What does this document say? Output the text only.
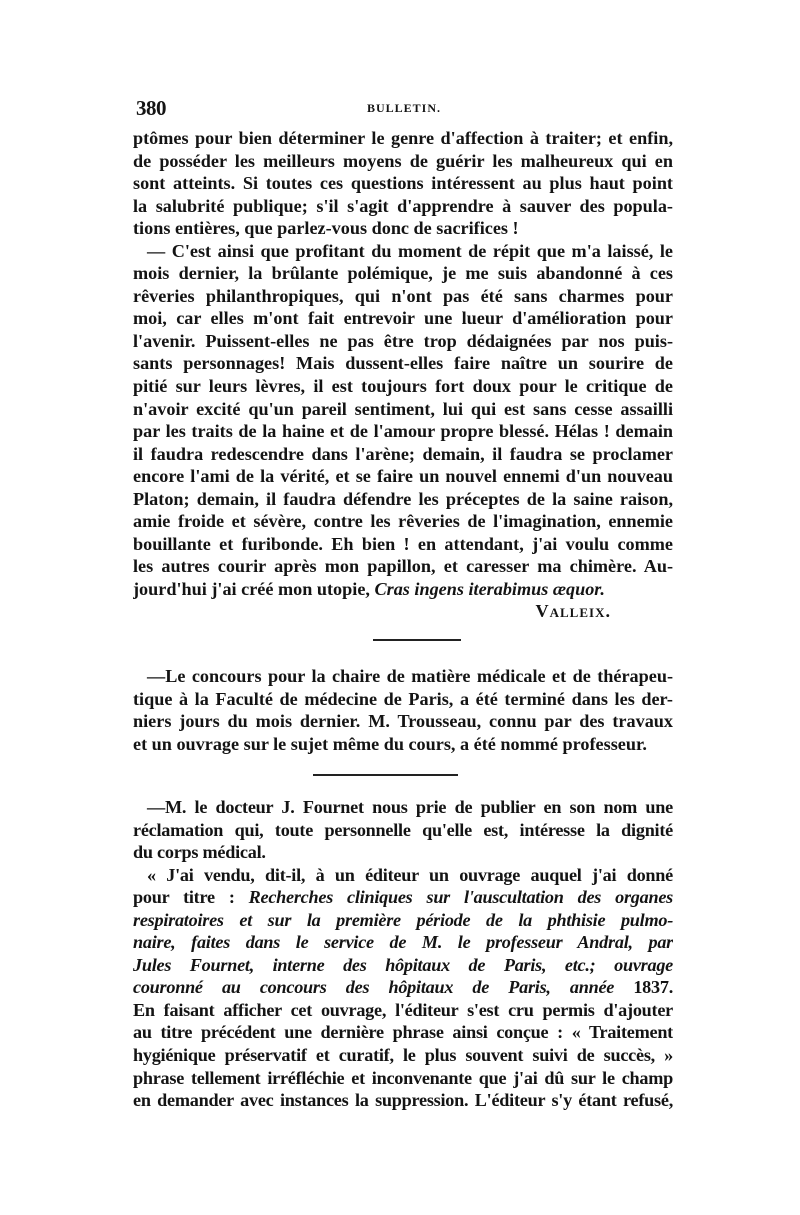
380	BULLETIN.
ptômes pour bien déterminer le genre d'affection à traiter; et enfin,
de posséder les meilleurs moyens de guérir les malheureux qui en
sont atteints. Si toutes ces questions intéressent au plus haut point
la salubrité publique; s'il s'agit d'apprendre à sauver des popula-
tions entières, que parlez-vous donc de sacrifices !
— C'est ainsi que profitant du moment de répit que m'a laissé, le
mois dernier, la brûlante polémique, je me suis abandonné à ces
rêveries philanthropiques, qui n'ont pas été sans charmes pour
moi, car elles m'ont fait entrevoir une lueur d'amélioration pour
l'avenir. Puissent-elles ne pas être trop dédaignées par nos puis-
sants personnages! Mais dussent-elles faire naître un sourire de
pitié sur leurs lèvres, il est toujours fort doux pour le critique de
n'avoir excité qu'un pareil sentiment, lui qui est sans cesse assailli
par les traits de la haine et de l'amour propre blessé. Hélas ! demain
il faudra redescendre dans l'arène; demain, il faudra se proclamer
encore l'ami de la vérité, et se faire un nouvel ennemi d'un nouveau
Platon; demain, il faudra défendre les préceptes de la saine raison,
amie froide et sévère, contre les rêveries de l'imagination, ennemie
bouillante et furibonde. Eh bien ! en attendant, j'ai voulu comme
les autres courir après mon papillon, et caresser ma chimère. Au-
jourd'hui j'ai créé mon utopie, Cras ingens iterabimus æquor.
Valleix.
—Le concours pour la chaire de matière médicale et de thérapeu-
tique à la Faculté de médecine de Paris, a été terminé dans les der-
niers jours du mois dernier. M. Trousseau, connu par des travaux
et un ouvrage sur le sujet même du cours, a été nommé professeur.
—M. le docteur J. Fournet nous prie de publier en son nom une
réclamation qui, toute personnelle qu'elle est, intéresse la dignité
du corps médical.
« J'ai vendu, dit-il, à un éditeur un ouvrage auquel j'ai donné
pour titre : Recherches cliniques sur l'auscultation des organes
respiratoires et sur la première période de la phthisie pulmo-
naire, faites dans le service de M. le professeur Andral, par
Jules Fournet, interne des hôpitaux de Paris, etc.; ouvrage
couronné au concours des hôpitaux de Paris, année 1837.
En faisant afficher cet ouvrage, l'éditeur s'est cru permis d'ajouter
au titre précédent une dernière phrase ainsi conçue : « Traitement
hygiénique préservatif et curatif, le plus souvent suivi de succès, »
phrase tellement irréfléchie et inconvenante que j'ai dû sur le champ
en demander avec instances la suppression. L'éditeur s'y étant refusé,
